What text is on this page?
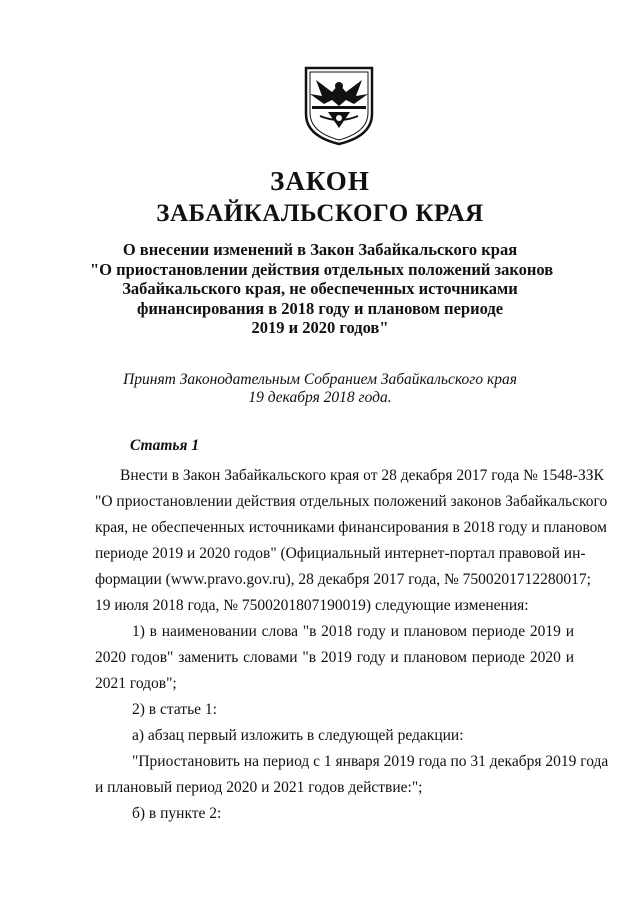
ЗАКОН
ЗАБАЙКАЛЬСКОГО КРАЯ
О внесении изменений в Закон Забайкальского края
"О приостановлении действия отдельных положений законов
Забайкальского края, не обеспеченных источниками
финансирования в 2018 году и плановом периоде
2019 и 2020 годов"
Принят Законодательным Собранием Забайкальского края
19 декабря 2018 года.
Статья 1
Внести в Закон Забайкальского края от 28 декабря 2017 года № 1548-ЗЗК
"О приостановлении действия отдельных положений законов Забайкальского
края, не обеспеченных источниками финансирования в 2018 году и плановом
периоде 2019 и 2020 годов" (Официальный интернет-портал правовой ин-
формации (www.pravo.gov.ru), 28 декабря 2017 года, № 7500201712280017;
19 июля 2018 года, № 7500201807190019) следующие изменения:
1) в наименовании слова "в 2018 году и плановом периоде 2019 и
2020 годов" заменить словами "в 2019 году и плановом периоде 2020 и
2021 годов";
2) в статье 1:
а) абзац первый изложить в следующей редакции:
"Приостановить на период с 1 января 2019 года по 31 декабря 2019 года
и плановый период 2020 и 2021 годов действие:";
б) в пункте 2:
